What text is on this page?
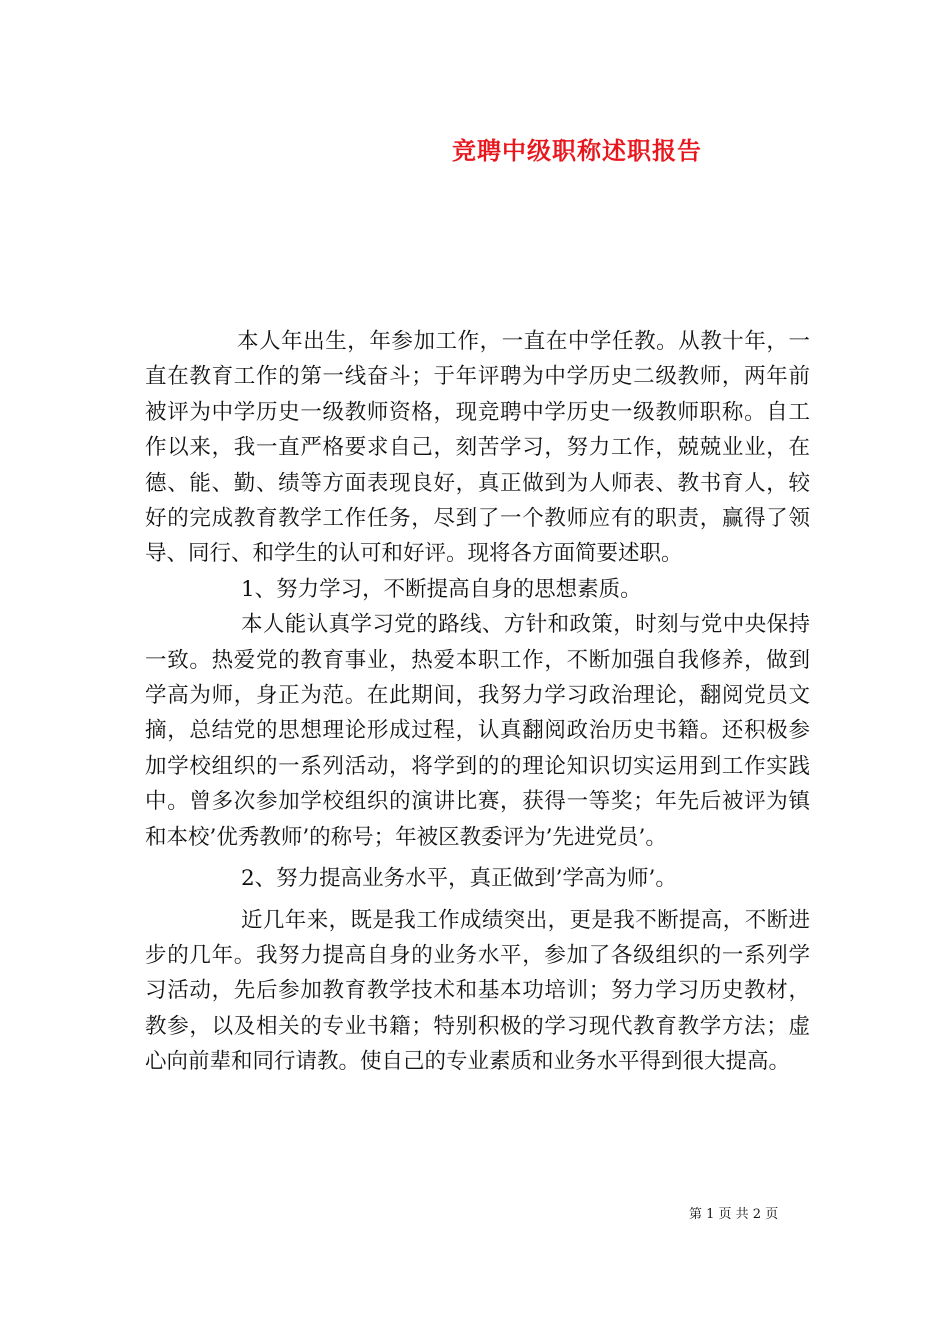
竞聘中级职称述职报告

本人年出生，年参加工作，一直在中学任教。从教十年，一直在教育工作的第一线奋斗；于年评聘为中学历史二级教师，两年前被评为中学历史一级教师资格，现竞聘中学历史一级教师职称。自工作以来，我一直严格要求自己，刻苦学习，努力工作，兢兢业业，在德、能、勤、绩等方面表现良好，真正做到为人师表、教书育人，较好的完成教育教学工作任务，尽到了一个教师应有的职责，赢得了领导、同行、和学生的认可和好评。现将各方面简要述职。

1、努力学习，不断提高自身的思想素质。

本人能认真学习党的路线、方针和政策，时刻与党中央保持一致。热爱党的教育事业，热爱本职工作，不断加强自我修养，做到学高为师，身正为范。在此期间，我努力学习政治理论，翻阅党员文摘，总结党的思想理论形成过程，认真翻阅政治历史书籍。还积极参加学校组织的一系列活动，将学到的的理论知识切实运用到工作实践中。曾多次参加学校组织的演讲比赛，获得一等奖；年先后被评为镇和本校’优秀教师’的称号；年被区教委评为’先进党员’。

2、努力提高业务水平，真正做到’学高为师’。

近几年来，既是我工作成绩突出，更是我不断提高，不断进步的几年。我努力提高自身的业务水平，参加了各级组织的一系列学习活动，先后参加教育教学技术和基本功培训；努力学习历史教材，教参，以及相关的专业书籍；特别积极的学习现代教育教学方法；虚心向前辈和同行请教。使自己的专业素质和业务水平得到很大提高。

第 1 页 共 2 页
